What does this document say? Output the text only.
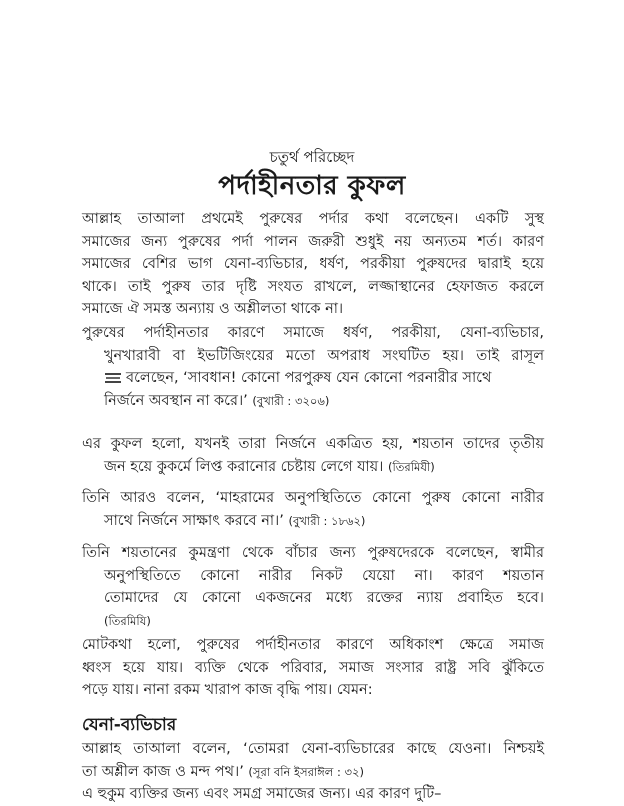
চতুর্থ পরিচ্ছেদ
পর্দাহীনতার কুফল
আল্লাহ তাআলা প্রথমেই পুরুষের পর্দার কথা বলেছেন। একটি সুস্থ
সমাজের জন্য পুরুষের পর্দা পালন জরুরী শুধুই নয় অন্যতম শর্ত। কারণ
সমাজের বেশির ভাগ যেনা-ব্যভিচার, ধর্ষণ, পরকীয়া পুরুষদের দ্বারাই হয়ে
থাকে। তাই পুরুষ তার দৃষ্টি সংযত রাখলে, লজ্জাস্থানের হেফাজত করলে
সমাজে ঐ সমস্ত অন্যায় ও অশ্লীলতা থাকে না।
পুরুষের পর্দাহীনতার কারণে সমাজে ধর্ষণ, পরকীয়া, যেনা-ব্যভিচার,
খুনখারাবী বা ইভটিজিংয়ের মতো অপরাধ সংঘটিত হয়। তাই রাসূল
বলেছেন, ‘সাবধান! কোনো পরপুরুষ যেন কোনো পরনারীর সাথে
নির্জনে অবস্থান না করে।’ (বুখারী : ৩২০৬)
এর কুফল হলো, যখনই তারা নির্জনে একত্রিত হয়, শয়তান তাদের তৃতীয়
জন হয়ে কুকর্মে লিপ্ত করানোর চেষ্টায় লেগে যায়। (তিরমিযী)
তিনি আরও বলেন, ‘মাহরামের অনুপস্থিতিতে কোনো পুরুষ কোনো নারীর
সাথে নির্জনে সাক্ষাৎ করবে না।’ (বুখারী : ১৮৬২)
তিনি শয়তানের কুমন্ত্রণা থেকে বাঁচার জন্য পুরুষদেরকে বলেছেন, স্বামীর
অনুপস্থিতিতে কোনো নারীর নিকট যেয়ো না। কারণ শয়তান
তোমাদের যে কোনো একজনের মধ্যে রক্তের ন্যায় প্রবাহিত হবে।
(তিরমিযি)
মোটকথা হলো, পুরুষের পর্দাহীনতার কারণে অধিকাংশ ক্ষেত্রে সমাজ
ধ্বংস হয়ে যায়। ব্যক্তি থেকে পরিবার, সমাজ সংসার রাষ্ট্র সবি ঝুঁকিতে
পড়ে যায়। নানা রকম খারাপ কাজ বৃদ্ধি পায়। যেমন:
যেনা-ব্যভিচার
আল্লাহ তাআলা বলেন, ‘তোমরা যেনা-ব্যভিচারের কাছে যেওনা। নিশ্চয়ই
তা অশ্লীল কাজ ও মন্দ পথ।’ (সূরা বনি ইসরাঈল : ৩২)
এ হুকুম ব্যক্তির জন্য এবং সমগ্র সমাজের জন্য। এর কারণ দুটি–
